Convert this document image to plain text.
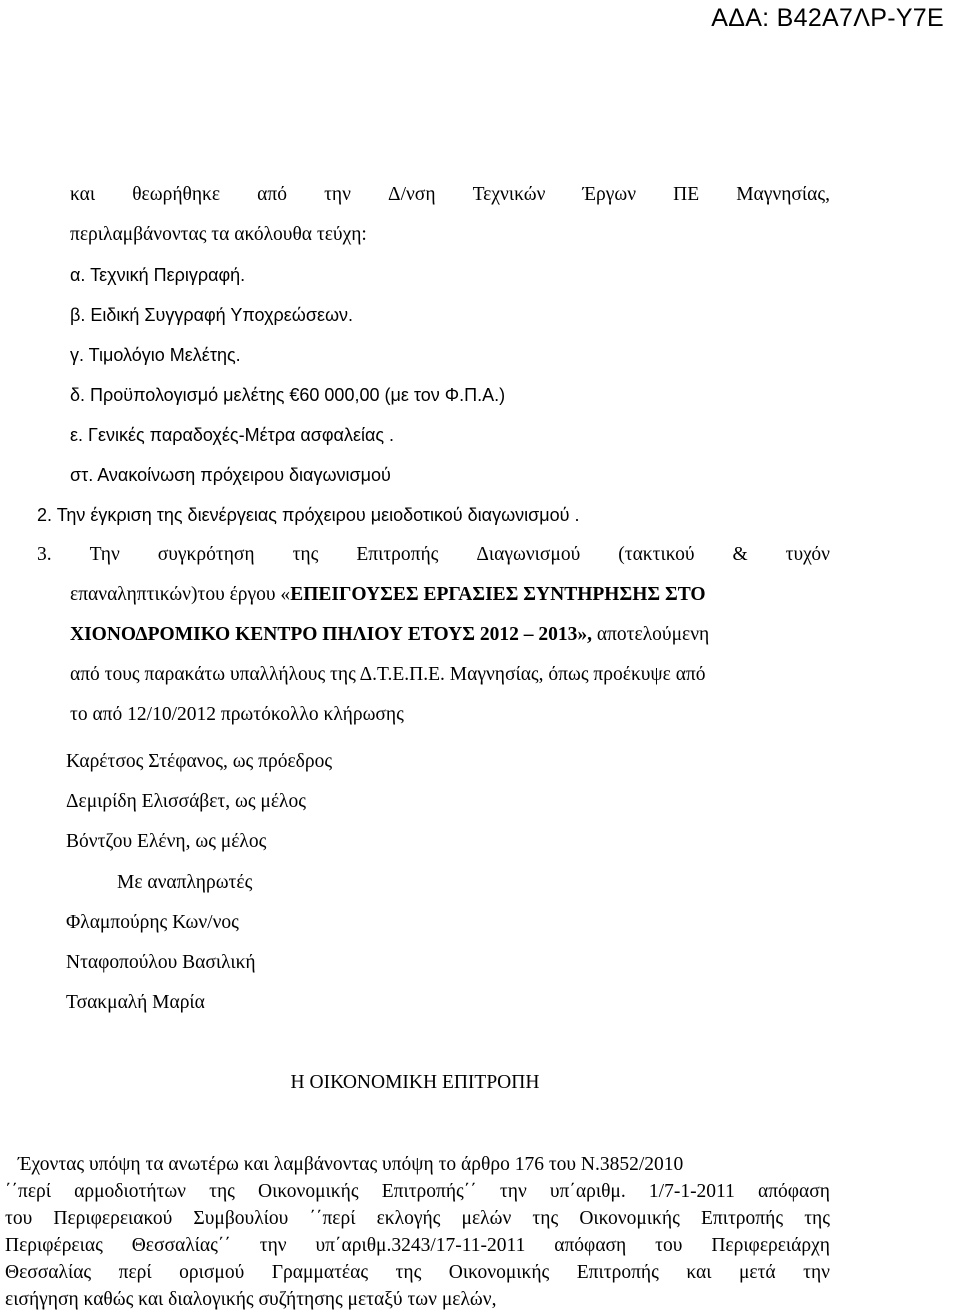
ΑΔΑ: Β42Α7ΛΡ-Υ7Ε
και θεωρήθηκε από την Δ/νση Τεχνικών Έργων ΠΕ Μαγνησίας,
περιλαμβάνοντας τα ακόλουθα τεύχη:
α. Τεχνική Περιγραφή.
β. Ειδική Συγγραφή Υποχρεώσεων.
γ. Τιμολόγιο Μελέτης.
δ. Προϋπολογισμό μελέτης €60 000,00 (με τον Φ.Π.Α.)
ε. Γενικές παραδοχές-Μέτρα ασφαλείας .
στ. Ανακοίνωση πρόχειρου διαγωνισμού
2. Την έγκριση της διενέργειας πρόχειρου μειοδοτικού διαγωνισμού .
3. Την συγκρότηση της Επιτροπής Διαγωνισμού (τακτικού & τυχόν
επαναληπτικών)του έργου «ΕΠΕΙΓΟΥΣΕΣ ΕΡΓΑΣΙΕΣ ΣΥΝΤΗΡΗΣΗΣ ΣΤΟ
ΧΙΟΝΟΔΡΟΜΙΚΟ ΚΕΝΤΡΟ ΠΗΛΙΟΥ ΕΤΟΥΣ 2012 – 2013», αποτελούμενη
από τους παρακάτω υπαλλήλους της Δ.Τ.Ε.Π.Ε. Μαγνησίας, όπως προέκυψε από
το από 12/10/2012 πρωτόκολλο κλήρωσης
Καρέτσος Στέφανος, ως πρόεδρος
Δεμιρίδη Ελισσάβετ, ως μέλος
Βόντζου Ελένη, ως μέλος
Με αναπληρωτές
Φλαμπούρης Κων/νος
Νταφοπούλου Βασιλική
Τσακμαλή Μαρία
Η ΟΙΚΟΝΟΜΙΚΗ ΕΠΙΤΡΟΠΗ
Έχοντας υπόψη τα ανωτέρω και λαμβάνοντας υπόψη το άρθρο 176 του Ν.3852/2010
΄΄περί αρμοδιοτήτων της Οικονομικής Επιτροπής΄΄ την υπ΄αριθμ. 1/7-1-2011 απόφαση
του Περιφερειακού Συμβουλίου ΄΄περί εκλογής μελών της Οικονομικής Επιτροπής της
Περιφέρειας Θεσσαλίας΄΄ την υπ΄αριθμ.3243/17-11-2011 απόφαση του Περιφερειάρχη
Θεσσαλίας περί ορισμού Γραμματέας της Οικονομικής Επιτροπής και μετά την
εισήγηση καθώς και διαλογικής συζήτησης μεταξύ των μελών,
